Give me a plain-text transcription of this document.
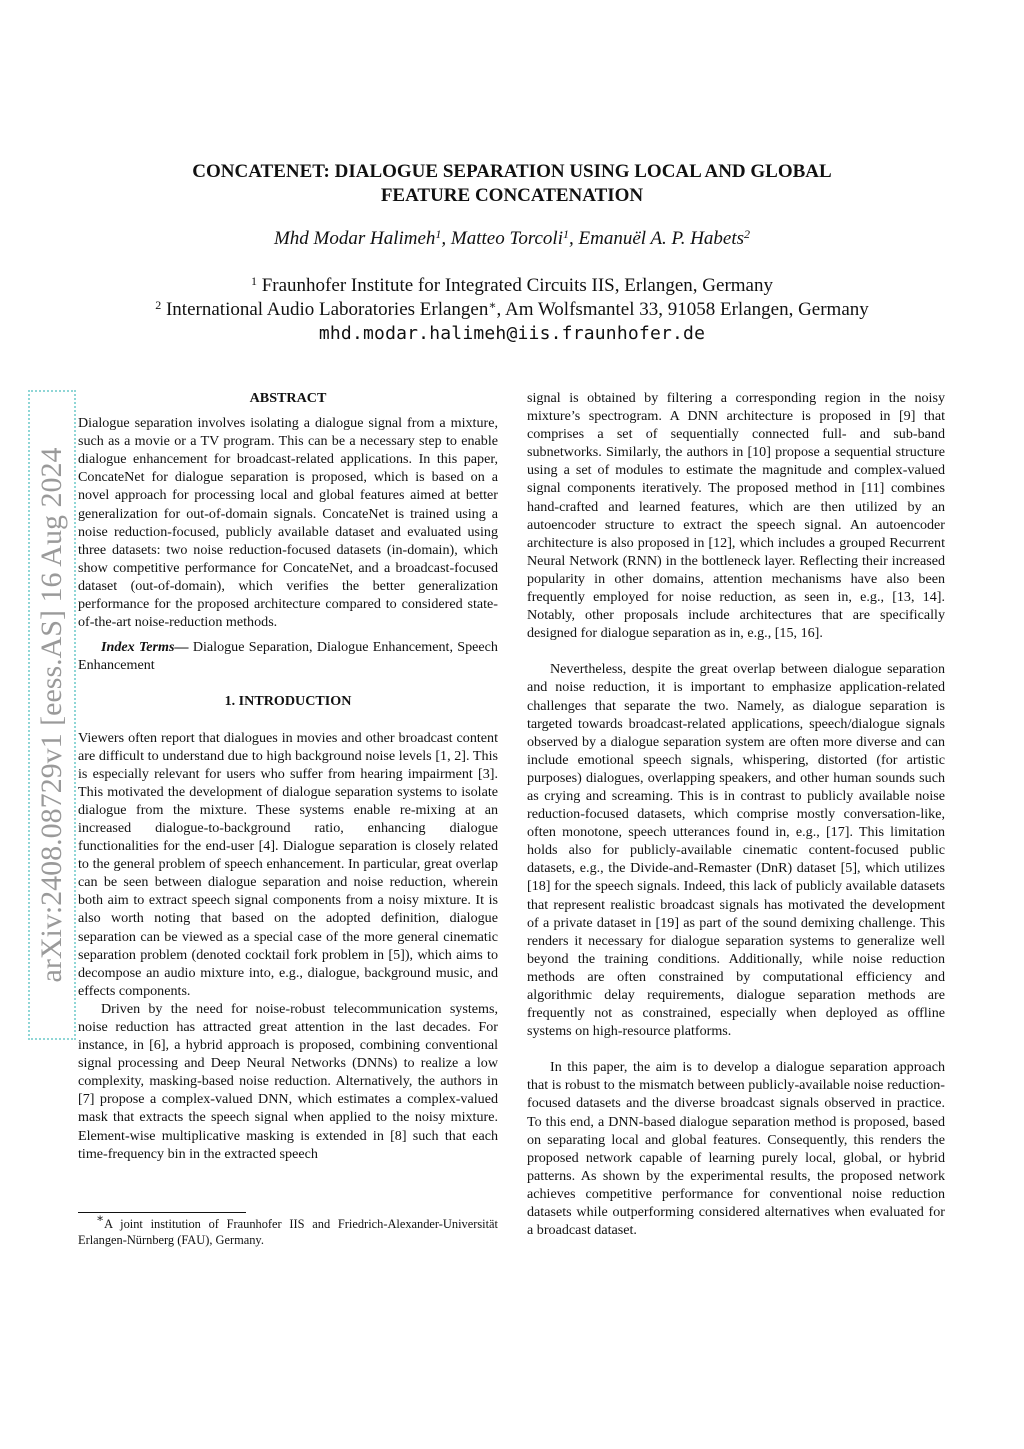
arXiv:2408.08729v1 [eess.AS] 16 Aug 2024
CONCATENET: DIALOGUE SEPARATION USING LOCAL AND GLOBAL
FEATURE CONCATENATION
Mhd Modar Halimeh$^1$, Matteo Torcoli$^1$, Emanuël A. P. Habets$^2$
$^1$ Fraunhofer Institute for Integrated Circuits IIS, Erlangen, Germany
$^2$ International Audio Laboratories Erlangen∗, Am Wolfsmantel 33, 91058 Erlangen, Germany
mhd.modar.halimeh@iis.fraunhofer.de

ABSTRACT

Dialogue separation involves isolating a dialogue signal from a mixture, such as a movie or a TV program. This can be a necessary step to enable dialogue enhancement for broadcast-related applications. In this paper, ConcateNet for dialogue separation is proposed, which is based on a novel approach for processing local and global features aimed at better generalization for out-of-domain signals. ConcateNet is trained using a noise reduction-focused, publicly available dataset and evaluated using three datasets: two noise reduction-focused datasets (in-domain), which show competitive performance for ConcateNet, and a broadcast-focused dataset (out-of-domain), which verifies the better generalization performance for the proposed architecture compared to considered state-of-the-art noise-reduction methods.

Index Terms— Dialogue Separation, Dialogue Enhancement, Speech Enhancement

1. INTRODUCTION

Viewers often report that dialogues in movies and other broadcast content are difficult to understand due to high background noise levels [1, 2]. This is especially relevant for users who suffer from hearing impairment [3]. This motivated the development of dialogue separation systems to isolate dialogue from the mixture. These systems enable re-mixing at an increased dialogue-to-background ratio, enhancing dialogue functionalities for the end-user [4]. Dialogue separation is closely related to the general problem of speech enhancement. In particular, great overlap can be seen between dialogue separation and noise reduction, wherein both aim to extract speech signal components from a noisy mixture. It is also worth noting that based on the adopted definition, dialogue separation can be viewed as a special case of the more general cinematic separation problem (denoted cocktail fork problem in [5]), which aims to decompose an audio mixture into, e.g., dialogue, background music, and effects components.

Driven by the need for noise-robust telecommunication systems, noise reduction has attracted great attention in the last decades. For instance, in [6], a hybrid approach is proposed, combining conventional signal processing and Deep Neural Networks (DNNs) to realize a low complexity, masking-based noise reduction. Alternatively, the authors in [7] propose a complex-valued DNN, which estimates a complex-valued mask that extracts the speech signal when applied to the noisy mixture. Element-wise multiplicative masking is extended in [8] such that each time-frequency bin in the extracted speech

∗A joint institution of Fraunhofer IIS and Friedrich-Alexander-Universität Erlangen-Nürnberg (FAU), Germany.

signal is obtained by filtering a corresponding region in the noisy mixture’s spectrogram. A DNN architecture is proposed in [9] that comprises a set of sequentially connected full- and sub-band subnetworks. Similarly, the authors in [10] propose a sequential structure using a set of modules to estimate the magnitude and complex-valued signal components iteratively. The proposed method in [11] combines hand-crafted and learned features, which are then utilized by an autoencoder structure to extract the speech signal. An autoencoder architecture is also proposed in [12], which includes a grouped Recurrent Neural Network (RNN) in the bottleneck layer. Reflecting their increased popularity in other domains, attention mechanisms have also been frequently employed for noise reduction, as seen in, e.g., [13, 14]. Notably, other proposals include architectures that are specifically designed for dialogue separation as in, e.g., [15, 16].

Nevertheless, despite the great overlap between dialogue separation and noise reduction, it is important to emphasize application-related challenges that separate the two. Namely, as dialogue separation is targeted towards broadcast-related applications, speech/dialogue signals observed by a dialogue separation system are often more diverse and can include emotional speech signals, whispering, distorted (for artistic purposes) dialogues, overlapping speakers, and other human sounds such as crying and screaming. This is in contrast to publicly available noise reduction-focused datasets, which comprise mostly conversation-like, often monotone, speech utterances found in, e.g., [17]. This limitation holds also for publicly-available cinematic content-focused public datasets, e.g., the Divide-and-Remaster (DnR) dataset [5], which utilizes [18] for the speech signals. Indeed, this lack of publicly available datasets that represent realistic broadcast signals has motivated the development of a private dataset in [19] as part of the sound demixing challenge. This renders it necessary for dialogue separation systems to generalize well beyond the training conditions. Additionally, while noise reduction methods are often constrained by computational efficiency and algorithmic delay requirements, dialogue separation methods are frequently not as constrained, especially when deployed as offline systems on high-resource platforms.

In this paper, the aim is to develop a dialogue separation approach that is robust to the mismatch between publicly-available noise reduction-focused datasets and the diverse broadcast signals observed in practice. To this end, a DNN-based dialogue separation method is proposed, based on separating local and global features. Consequently, this renders the proposed network capable of learning purely local, global, or hybrid patterns. As shown by the experimental results, the proposed network achieves competitive performance for conventional noise reduction datasets while outperforming considered alternatives when evaluated for a broadcast dataset.
